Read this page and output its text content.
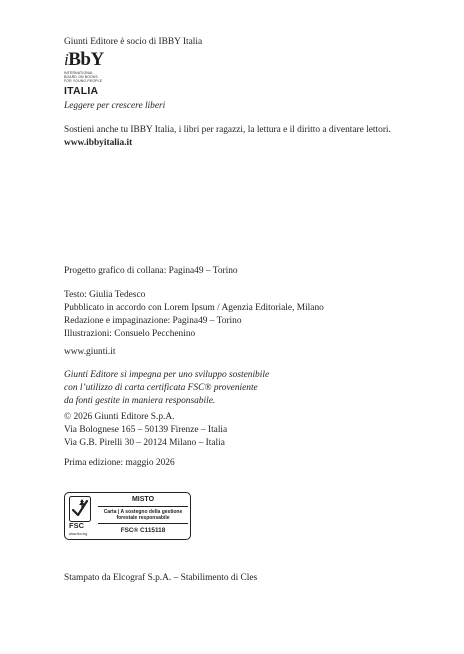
Giunti Editore è socio di IBBY Italia

iBbY
INTERNATIONAL
BOARD ON BOOKS
FOR YOUNG PEOPLE
ITALIA

Leggere per crescere liberi

Sostieni anche tu IBBY Italia, i libri per ragazzi, la lettura e il diritto a diventare lettori.

www.ibbyitalia.it

Progetto grafico di collana: Pagina49 – Torino

Testo: Giulia Tedesco

Pubblicato in accordo con Lorem Ipsum / Agenzia Editoriale, Milano

Redazione e impaginazione: Pagina49 – Torino

Illustrazioni: Consuelo Pecchenino

www.giunti.it

Giunti Editore si impegna per uno sviluppo sostenibile

con l’utilizzo di carta certificata FSC® proveniente

da fonti gestite in maniera responsabile.

© 2026 Giunti Editore S.p.A.

Via Bolognese 165 – 50139 Firenze – Italia

Via G.B. Pirelli 30 – 20124 Milano – Italia

Prima edizione: maggio 2026

FSC
www.fsc.org

MISTO

Carta | A sostegno della gestione forestale responsabile

FSC® C115118

Stampato da Elcograf S.p.A. – Stabilimento di Cles
